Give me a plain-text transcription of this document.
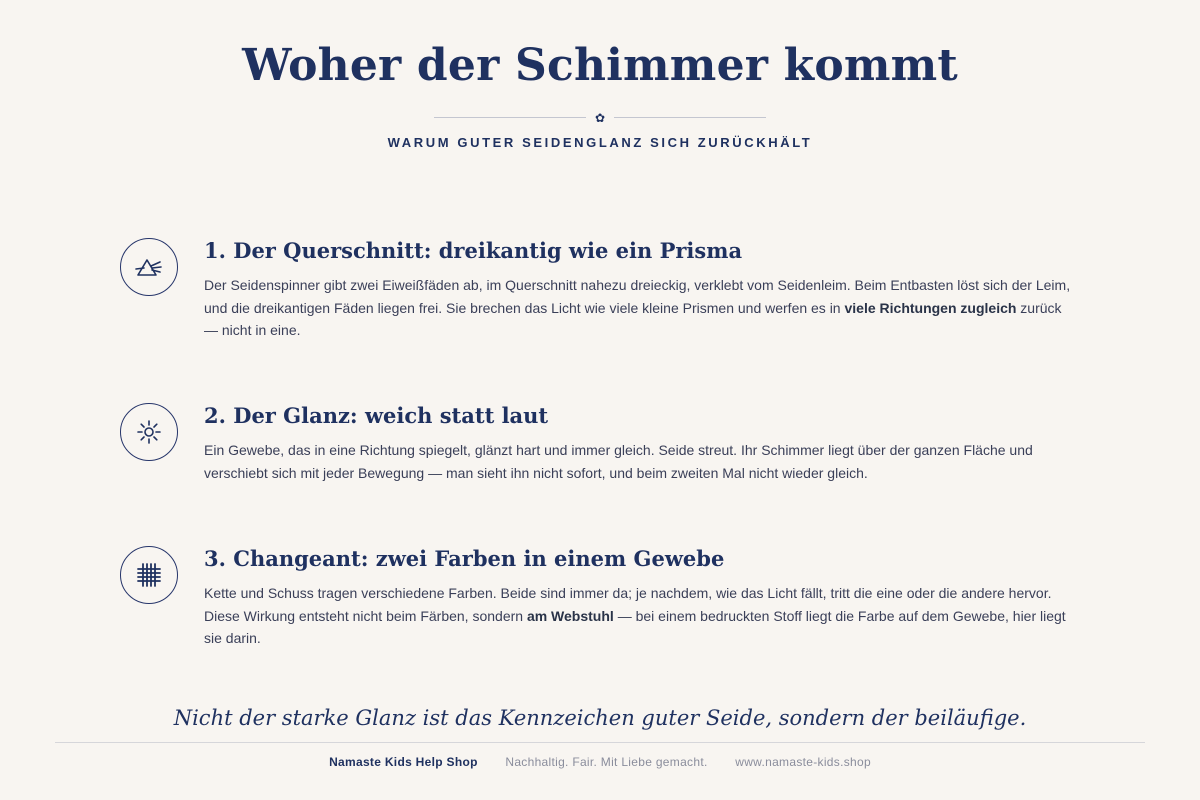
Woher der Schimmer kommt
✿
WARUM GUTER SEIDENGLANZ SICH ZURÜCKHÄLT
1. Der Querschnitt: dreikantig wie ein Prisma

Der Seidenspinner gibt zwei Eiweißfäden ab, im Querschnitt nahezu dreieckig, verklebt vom Seidenleim. Beim Entbasten löst sich der Leim, und die dreikantigen Fäden liegen frei. Sie brechen das Licht wie viele kleine Prismen und werfen es in viele Richtungen zugleich zurück — nicht in eine.

2. Der Glanz: weich statt laut

Ein Gewebe, das in eine Richtung spiegelt, glänzt hart und immer gleich. Seide streut. Ihr Schimmer liegt über der ganzen Fläche und verschiebt sich mit jeder Bewegung — man sieht ihn nicht sofort, und beim zweiten Mal nicht wieder gleich.

3. Changeant: zwei Farben in einem Gewebe

Kette und Schuss tragen verschiedene Farben. Beide sind immer da; je nachdem, wie das Licht fällt, tritt die eine oder die andere hervor. Diese Wirkung entsteht nicht beim Färben, sondern am Webstuhl — bei einem bedruckten Stoff liegt die Farbe auf dem Gewebe, hier liegt sie darin.

Nicht der starke Glanz ist das Kennzeichen guter Seide, sondern der beiläufige.
Namaste Kids Help Shop Nachhaltig. Fair. Mit Liebe gemacht. www.namaste-kids.shop
